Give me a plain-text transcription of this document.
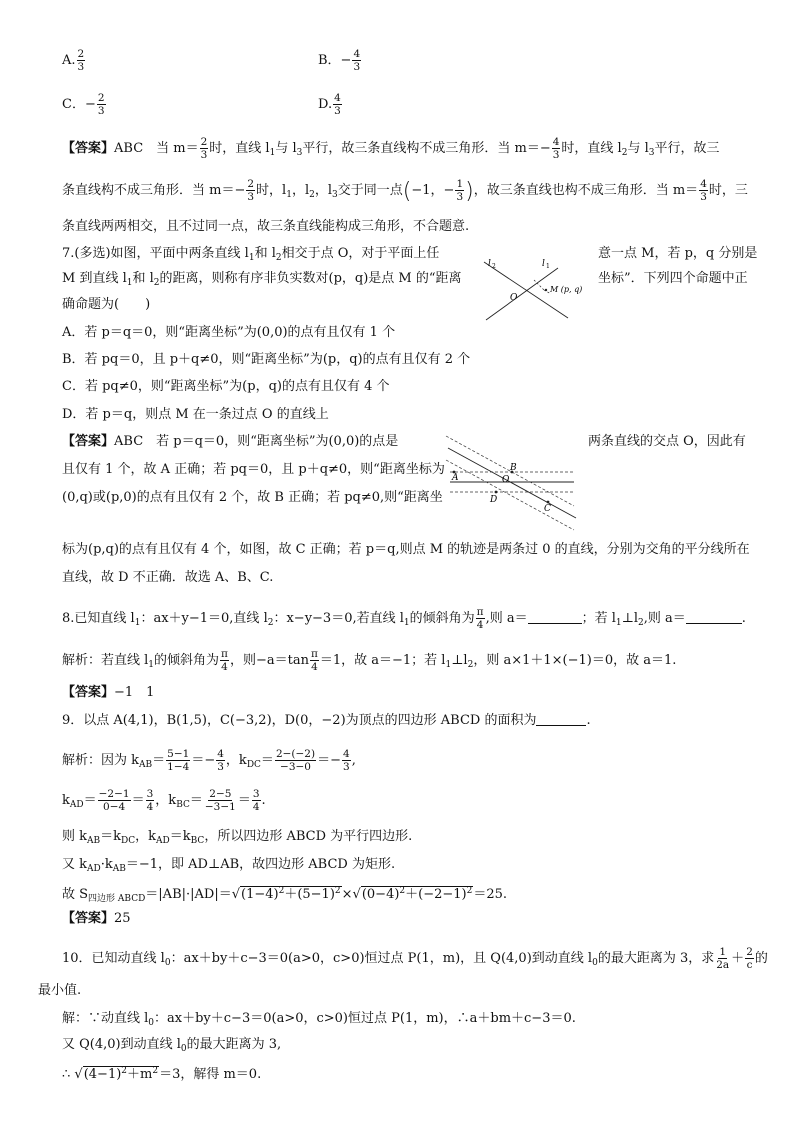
A. $\frac{2}{3}$	B．− $\frac{4}{3}$
C．− $\frac{2}{3}$	D. $\frac{4}{3}$
【答案】ABC　当 $m= \frac{2}{3}$ 时，直线 $l_1$与 $l_3$平行，故三条直线构不成三角形．当 $m=- \frac{4}{3}$ 时，直线 $l_2$与 $l_3$平行，故三
条直线构不成三角形．当 $m=- \frac{2}{3}$ 时，$l_1$，$l_2$，$l_3$交于同一点(−1，− $\frac{1}{3}$ )，故三条直线也构不成三角形．当 $m= \frac{4}{3}$ 时，三
条直线两两相交，且不过同一点，故三条直线能构成三角形，不合题意.
7.(多选)如图，平面中两条直线 $l_1$和 $l_2$相交于点 O，对于平面上任	意一点 M，若 p，q 分别是
M 到直线 $l_1$和 $l_2$的距离，则称有序非负实数对(p，q)是点 M 的“距离	坐标”．下列四个命题中正
确命题为(　　)
l 2	l 1
O
M (p, q)
A．若 p＝q＝0，则“距离坐标”为(0,0)的点有且仅有 1 个
B．若 pq＝0，且 p＋q≠0，则“距离坐标”为(p，q)的点有且仅有 2 个
C．若 pq≠0，则“距离坐标”为(p，q)的点有且仅有 4 个
D．若 p＝q，则点 M 在一条过点 O 的直线上
【答案】ABC　若 p＝q＝0，则“距离坐标”为(0,0)的点是	两条直线的交点 O，因此有
且仅有 1 个，故 A 正确；若 pq＝0，且 p＋q≠0，则“距离坐标为
(0,q)或(p,0)的点有且仅有 2 个，故 B 正确；若 pq≠0,则“距离坐
A
B
O
C
D
标为(p,q)的点有且仅有 4 个，如图，故 C 正确；若 p＝q,则点 M 的轨迹是两条过 0 的直线，分别为交角的平分线所在
直线，故 D 不正确．故选 A、B、C.
8.已知直线 $l_1$：ax＋y−1＝0,直线 $l_2$：x−y−3＝0,若直线 $l_1$的倾斜角为 $\frac{\pi}{4}$ ,则 a＝	；若 $l_1\perp l_2$,则 a＝	.
解析：若直线 $l_1$的倾斜角为 $\frac{\pi}{4}$ ，则$-a=\tan \frac{\pi}{4} =1$，故 a＝−1；若 $l_1\perp l_2$，则 a×1＋1×(−1)＝0，故 a＝1.
【答案】−1　1
9．以点 A(4,1)，B(1,5)，C(−3,2)，D(0，−2)为顶点的四边形 ABCD 的面积为	.
解析：因为 $k_{AB}= \frac{5-1}{1-4} =- \frac{4}{3}$ ，$k_{DC}= \frac{2-(-2)}{-3-0} =- \frac{4}{3}$ ,
$k_{AD}= \frac{-2-1}{0-4} = \frac{3}{4}$ ，$k_{BC}= \frac{2-5}{-3-1} = \frac{3}{4}$ .
则 $k_{AB}=k_{DC}$，$k_{AD}=k_{BC}$，所以四边形 ABCD 为平行四边形.
又 $k_{AD}\cdot k_{AB}=-1$，即 AD⊥AB，故四边形 ABCD 为矩形.
故 $S_{四边形 ABCD}=|AB|\cdot|AD|=√(1-4)^2+(5-1)^2\times√(0-4)^2+(-2-1)^2=25$.
【答案】25
10．已知动直线 $l_0$：ax＋by＋c−3＝0(a>0，c>0)恒过点 P(1，m)，且 Q(4,0)到动直线 $l_0$的最大距离为 3，求 $\frac{1}{2a} + \frac{2}{c}$ 的
最小值.
解：∵动直线 $l_0$：ax＋by＋c−3＝0(a>0，c>0)恒过点 P(1，m)，∴a＋bm＋c−3＝0.
又 Q(4,0)到动直线 $l_0$的最大距离为 3,
∴ $√(4-1)^2+m^2=3$，解得 m＝0.
